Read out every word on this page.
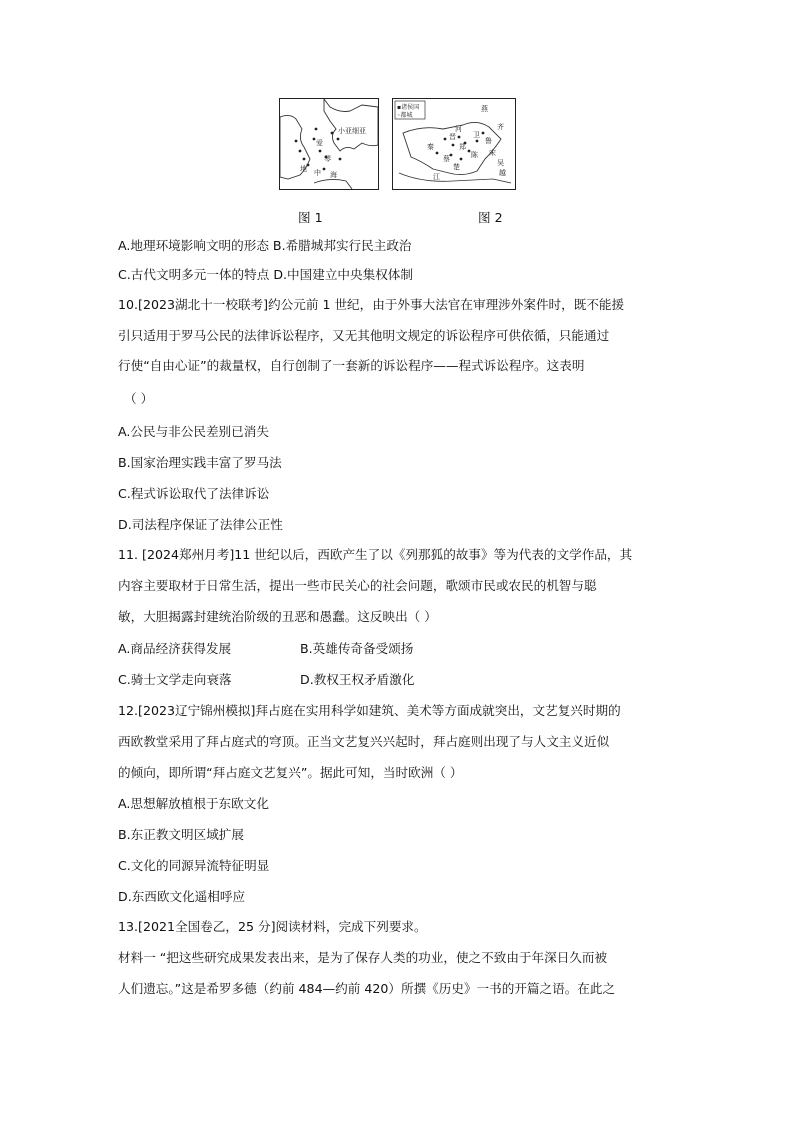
小亚细亚
爱
琴
地 中 海
▪诸侯国
◦都城
燕
齐
鲁
宋
吴
越
楚
秦
河
晋 卫
郑
陈
蔡
江
图 1	图 2
A.地理环境影响文明的形态 B.希腊城邦实行民主政治
C.古代文明多元一体的特点 D.中国建立中央集权体制
10.[2023湖北十一校联考]约公元前 1 世纪，由于外事大法官在审理涉外案件时，既不能援
引只适用于罗马公民的法律诉讼程序，又无其他明文规定的诉讼程序可供依循，只能通过
行使“自由心证”的裁量权，自行创制了一套新的诉讼程序——程式诉讼程序。这表明
（ ）
A.公民与非公民差别已消失
B.国家治理实践丰富了罗马法
C.程式诉讼取代了法律诉讼
D.司法程序保证了法律公正性
11. [2024郑州月考]11 世纪以后，西欧产生了以《列那狐的故事》等为代表的文学作品，其
内容主要取材于日常生活，提出一些市民关心的社会问题，歌颂市民或农民的机智与聪
敏，大胆揭露封建统治阶级的丑恶和愚蠢。这反映出（ ）
A.商品经济获得发展	B.英雄传奇备受颂扬
C.骑士文学走向衰落	D.教权王权矛盾激化
12.[2023辽宁锦州模拟]拜占庭在实用科学如建筑、美术等方面成就突出，文艺复兴时期的
西欧教堂采用了拜占庭式的穹顶。正当文艺复兴兴起时，拜占庭则出现了与人文主义近似
的倾向，即所谓“拜占庭文艺复兴”。据此可知，当时欧洲（ ）
A.思想解放植根于东欧文化
B.东正教文明区域扩展
C.文化的同源异流特征明显
D.东西欧文化遥相呼应
13.[2021全国卷乙，25 分]阅读材料，完成下列要求。
材料一 “把这些研究成果发表出来，是为了保存人类的功业，使之不致由于年深日久而被
人们遗忘。”这是希罗多德（约前 484—约前 420）所撰《历史》一书的开篇之语。在此之
